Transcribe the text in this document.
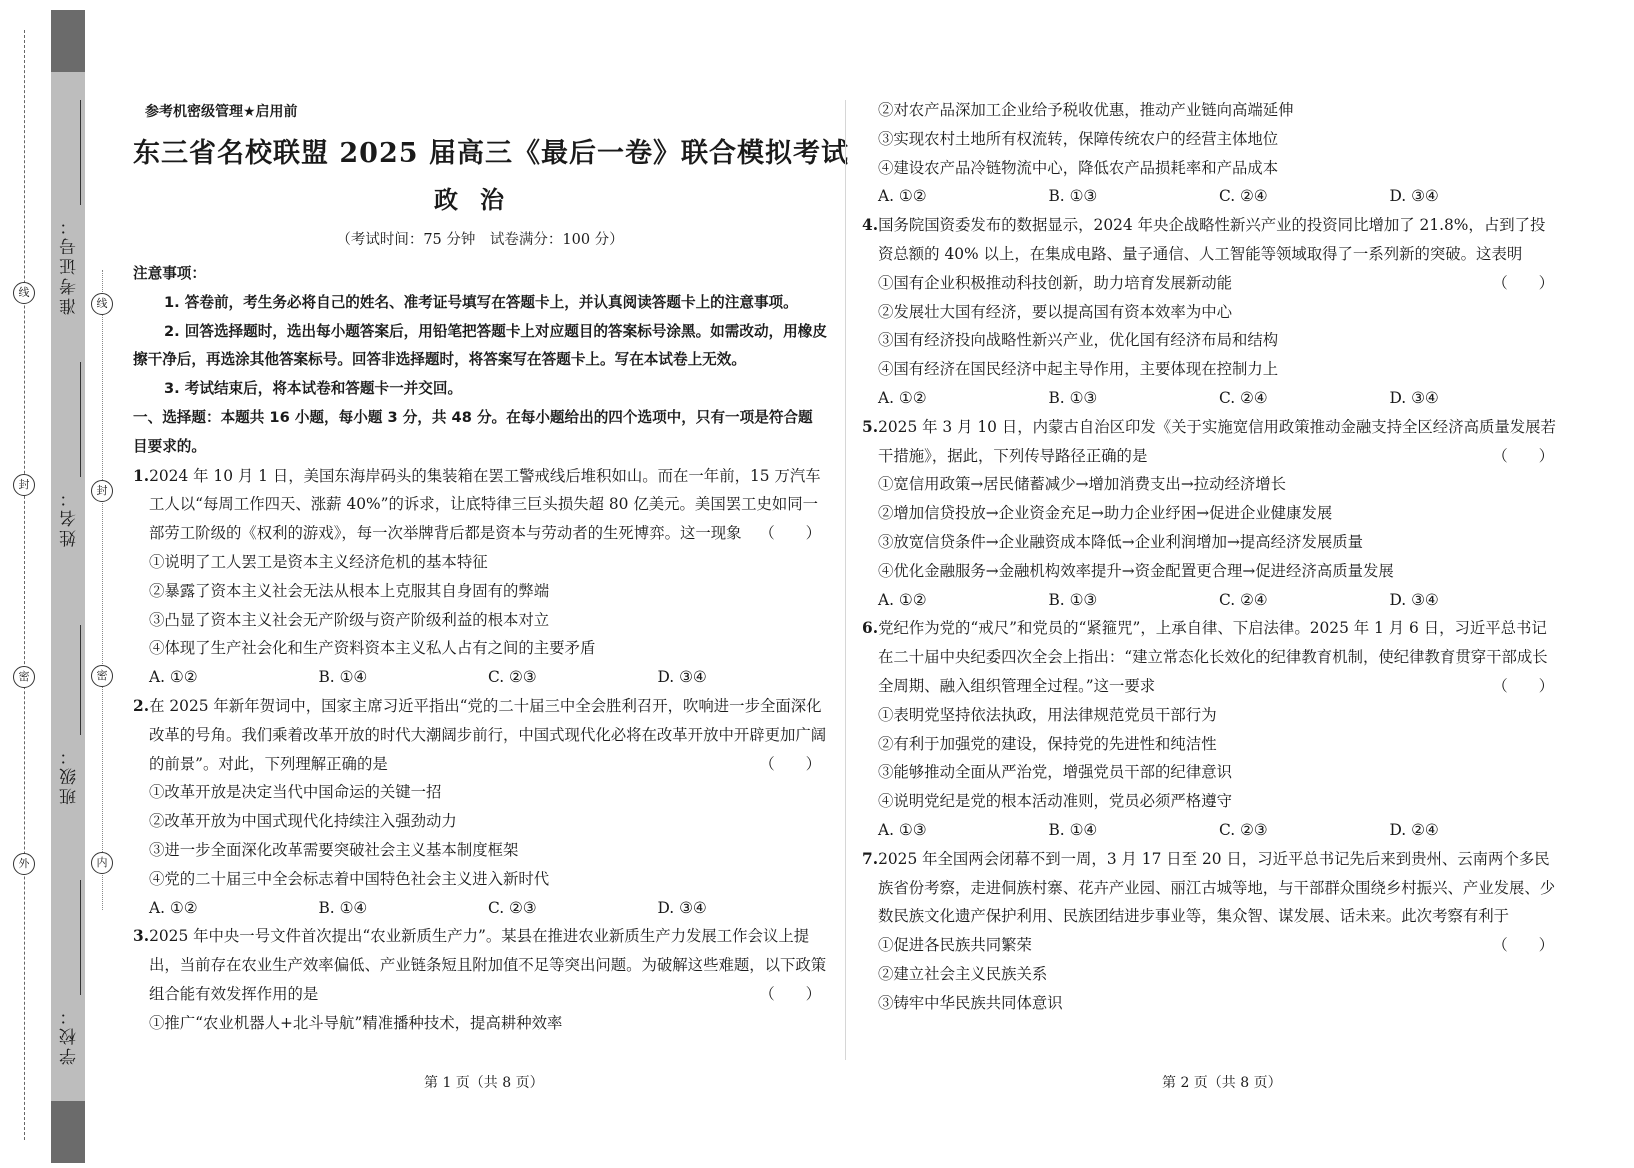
线
封
密
外
线
封
密
内
准考证号：
姓名：
班级：
学校：
参考机密级管理★启用前
东三省名校联盟 2025 届高三《最后一卷》联合模拟考试
政治
（考试时间：75 分钟　试卷满分：100 分）
注意事项：
1. 答卷前，考生务必将自己的姓名、准考证号填写在答题卡上，并认真阅读答题卡上的注意事项。
2. 回答选择题时，选出每小题答案后，用铅笔把答题卡上对应题目的答案标号涂黑。如需改动，用橡皮擦干净后，再选涂其他答案标号。回答非选择题时，将答案写在答题卡上。写在本试卷上无效。
3. 考试结束后，将本试卷和答题卡一并交回。
一、选择题：本题共 16 小题，每小题 3 分，共 48 分。在每小题给出的四个选项中，只有一项是符合题目要求的。
1.2024 年 10 月 1 日，美国东海岸码头的集装箱在罢工警戒线后堆积如山。而在一年前，15 万汽车工人以“每周工作四天、涨薪 40%”的诉求，让底特律三巨头损失超 80 亿美元。美国罢工史如同一部劳工阶级的《权利的游戏》，每一次举牌背后都是资本与劳动者的生死博弈。这一现象 （　　）
①说明了工人罢工是资本主义经济危机的基本特征
②暴露了资本主义社会无法从根本上克服其自身固有的弊端
③凸显了资本主义社会无产阶级与资产阶级利益的根本对立
④体现了生产社会化和生产资料资本主义私人占有之间的主要矛盾
A. ①②	B. ①④	C. ②③	D. ③④
2.在 2025 年新年贺词中，国家主席习近平指出“党的二十届三中全会胜利召开，吹响进一步全面深化改革的号角。我们乘着改革开放的时代大潮阔步前行，中国式现代化必将在改革开放中开辟更加广阔的前景”。对此，下列理解正确的是	（　　）
①改革开放是决定当代中国命运的关键一招
②改革开放为中国式现代化持续注入强劲动力
③进一步全面深化改革需要突破社会主义基本制度框架
④党的二十届三中全会标志着中国特色社会主义进入新时代
A. ①②	B. ①④	C. ②③	D. ③④
3.2025 年中央一号文件首次提出“农业新质生产力”。某县在推进农业新质生产力发展工作会议上提出，当前存在农业生产效率偏低、产业链条短且附加值不足等突出问题。为破解这些难题，以下政策组合能有效发挥作用的是	（　　）
①推广“农业机器人+北斗导航”精准播种技术，提高耕种效率
②对农产品深加工企业给予税收优惠，推动产业链向高端延伸
③实现农村土地所有权流转，保障传统农户的经营主体地位
④建设农产品冷链物流中心，降低农产品损耗率和产品成本
A. ①②	B. ①③	C. ②④	D. ③④
4.国务院国资委发布的数据显示，2024 年央企战略性新兴产业的投资同比增加了 21.8%，占到了投资总额的 40% 以上，在集成电路、量子通信、人工智能等领域取得了一系列新的突破。这表明
（　　）
①国有企业积极推动科技创新，助力培育发展新动能
②发展壮大国有经济，要以提高国有资本效率为中心
③国有经济投向战略性新兴产业，优化国有经济布局和结构
④国有经济在国民经济中起主导作用，主要体现在控制力上
A. ①②	B. ①③	C. ②④	D. ③④
5.2025 年 3 月 10 日，内蒙古自治区印发《关于实施宽信用政策推动金融支持全区经济高质量发展若干措施》，据此，下列传导路径正确的是	（　　）
①宽信用政策→居民储蓄减少→增加消费支出→拉动经济增长
②增加信贷投放→企业资金充足→助力企业纾困→促进企业健康发展
③放宽信贷条件→企业融资成本降低→企业利润增加→提高经济发展质量
④优化金融服务→金融机构效率提升→资金配置更合理→促进经济高质量发展
A. ①②	B. ①③	C. ②④	D. ③④
6.党纪作为党的“戒尺”和党员的“紧箍咒”，上承自律、下启法律。2025 年 1 月 6 日，习近平总书记在二十届中央纪委四次全会上指出：“建立常态化长效化的纪律教育机制，使纪律教育贯穿干部成长全周期、融入组织管理全过程。”这一要求	（　　）
①表明党坚持依法执政，用法律规范党员干部行为
②有利于加强党的建设，保持党的先进性和纯洁性
③能够推动全面从严治党，增强党员干部的纪律意识
④说明党纪是党的根本活动准则，党员必须严格遵守
A. ①③	B. ①④	C. ②③	D. ②④
7.2025 年全国两会闭幕不到一周，3 月 17 日至 20 日，习近平总书记先后来到贵州、云南两个多民族省份考察，走进侗族村寨、花卉产业园、丽江古城等地，与干部群众围绕乡村振兴、产业发展、少数民族文化遗产保护利用、民族团结进步事业等，集众智、谋发展、话未来。此次考察有利于
（　　）
①促进各民族共同繁荣
②建立社会主义民族关系
③铸牢中华民族共同体意识
第 1 页（共 8 页）	第 2 页（共 8 页）
